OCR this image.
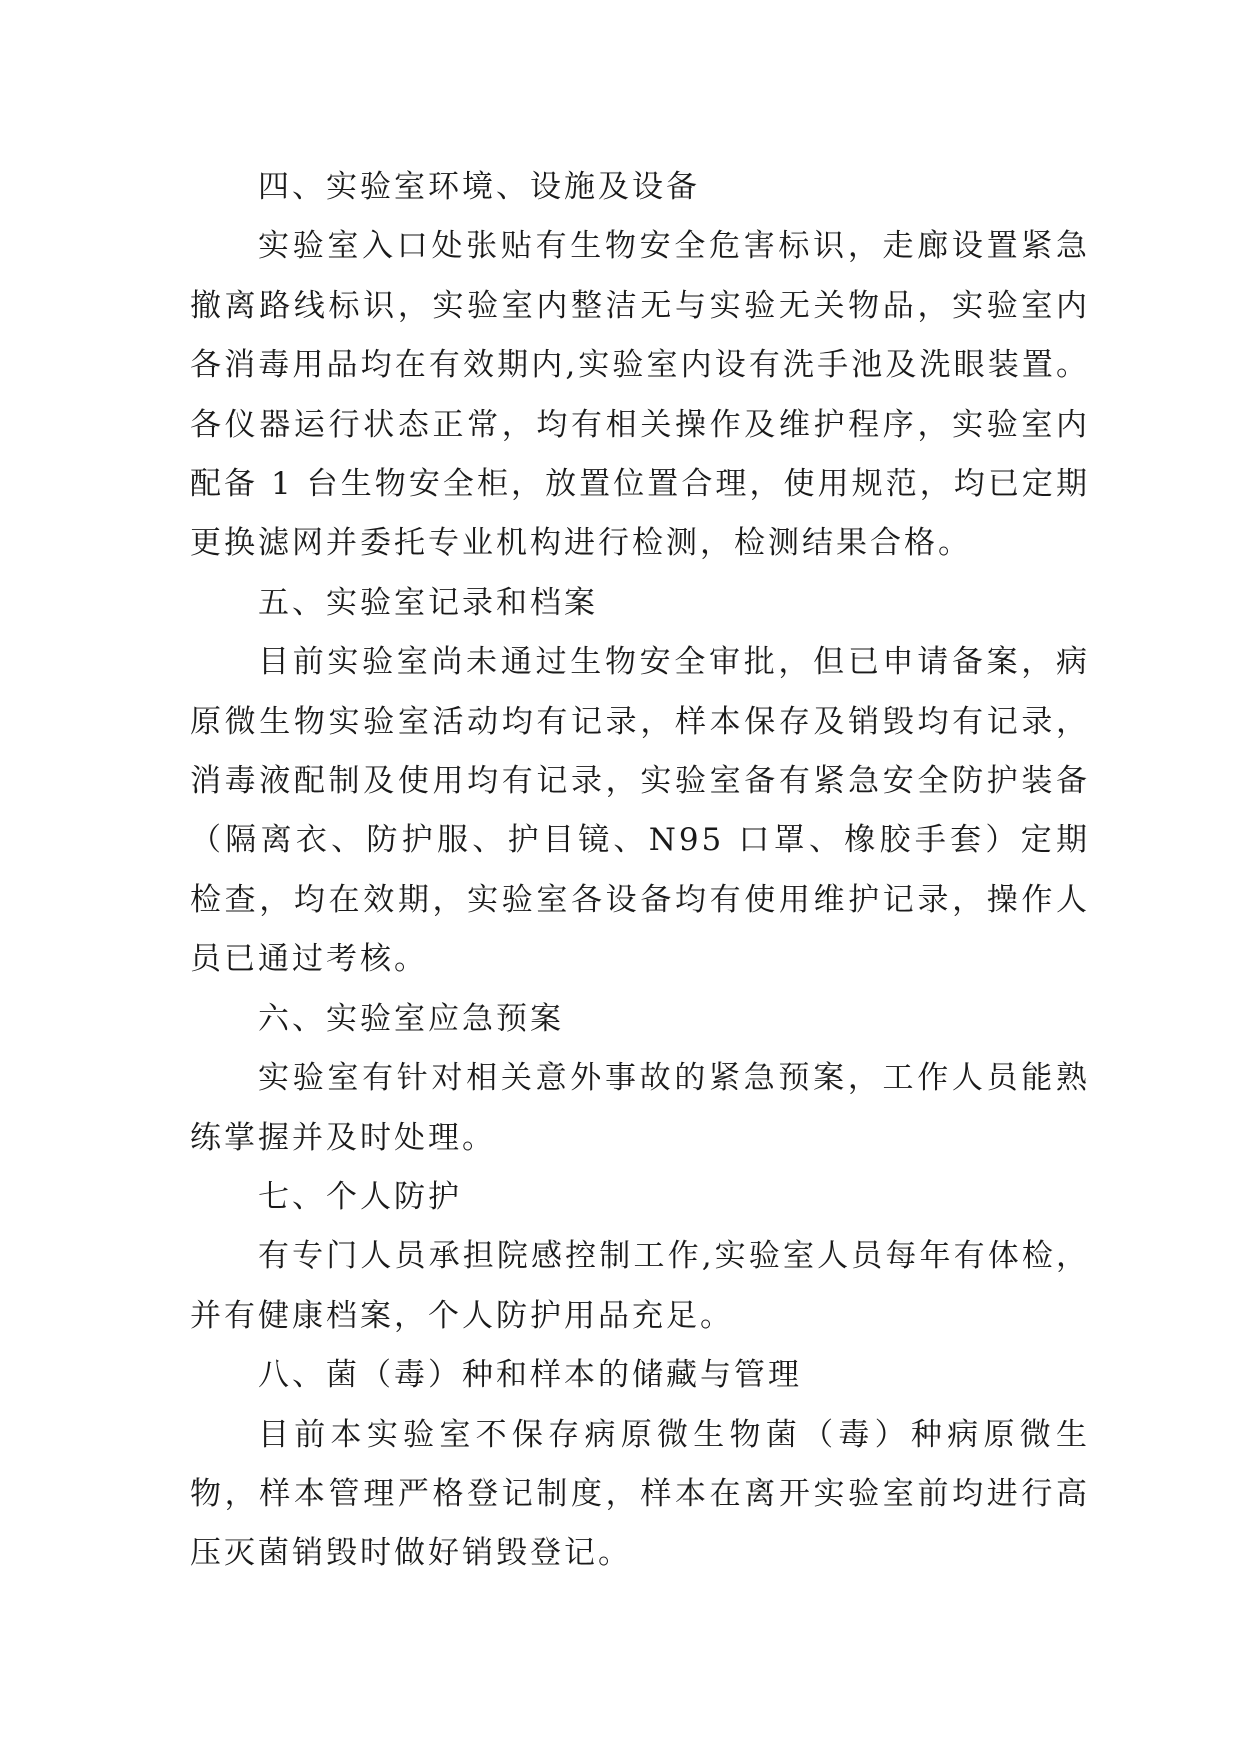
四、实验室环境、设施及设备

实验室入口处张贴有生物安全危害标识，走廊设置紧急撤离路线标识，实验室内整洁无与实验无关物品，实验室内各消毒用品均在有效期内,实验室内设有洗手池及洗眼装置。各仪器运行状态正常，均有相关操作及维护程序，实验室内配备 1 台生物安全柜，放置位置合理，使用规范，均已定期更换滤网并委托专业机构进行检测，检测结果合格。

五、实验室记录和档案

目前实验室尚未通过生物安全审批，但已申请备案，病原微生物实验室活动均有记录，样本保存及销毁均有记录，消毒液配制及使用均有记录，实验室备有紧急安全防护装备（隔离衣、防护服、护目镜、N95 口罩、橡胶手套）定期检查，均在效期，实验室各设备均有使用维护记录，操作人员已通过考核。

六、实验室应急预案

实验室有针对相关意外事故的紧急预案，工作人员能熟练掌握并及时处理。

七、个人防护

有专门人员承担院感控制工作,实验室人员每年有体检，并有健康档案，个人防护用品充足。

八、菌（毒）种和样本的储藏与管理

目前本实验室不保存病原微生物菌（毒）种病原微生物，样本管理严格登记制度，样本在离开实验室前均进行高压灭菌销毁时做好销毁登记。
